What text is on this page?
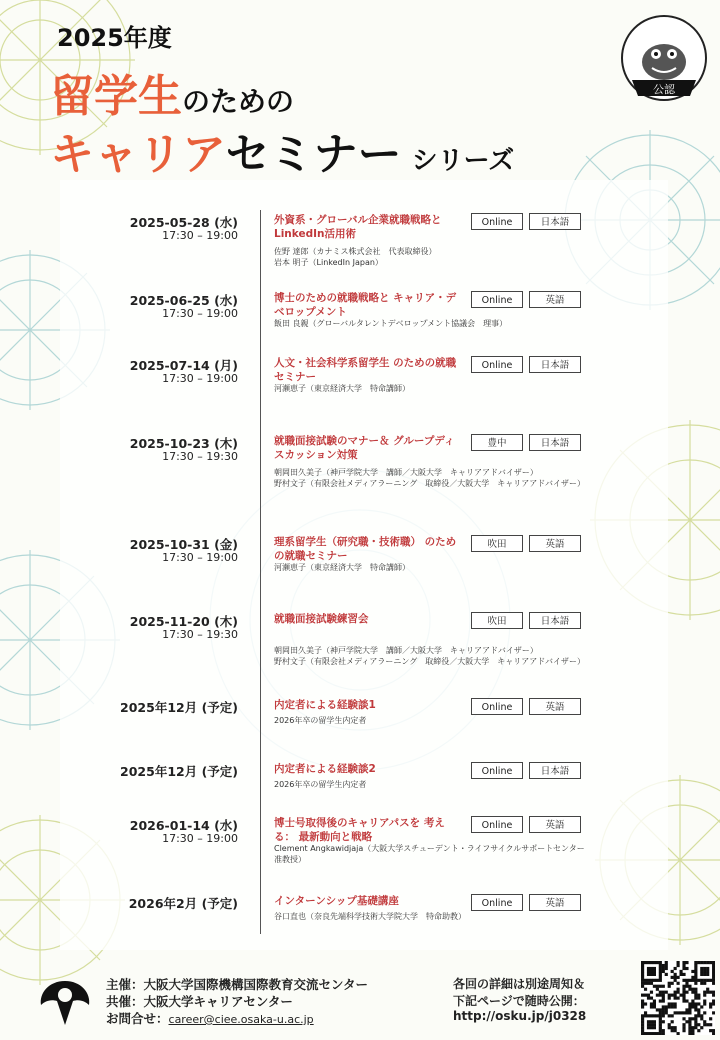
2025年度
留学生のための
キャリアセミナー シリーズ
公認
2025-05-28 (水)
17:30 – 19:00
外資系・グローバル企業就職戦略と LinkedIn活用術
佐野 達郎（カナミス株式会社　代表取締役）
岩本 明子（LinkedIn Japan）
Online	日本語
2025-06-25 (水)
17:30 – 19:00
博士のための就職戦略と キャリア・デベロップメント
飯田 良親（グローバルタレントデベロップメント協議会　理事）
Online	英語
2025-07-14 (月)
17:30 – 19:00
人文・社会科学系留学生 のための就職セミナー
河瀬恵子（東京経済大学　特命講師）
Online	日本語
2025-10-23 (木)
17:30 – 19:30
就職面接試験のマナー＆ グループディスカッション対策
朝岡田久美子（神戸学院大学　講師／大阪大学　キャリアアドバイザー）
野村文子（有限会社メディアラーニング　取締役／大阪大学　キャリアアドバイザー）
豊中	日本語
2025-10-31 (金)
17:30 – 19:00
理系留学生（研究職・技術職） のための就職セミナー
河瀬恵子（東京経済大学　特命講師）
吹田	英語
2025-11-20 (木)
17:30 – 19:30
就職面接試験練習会
朝岡田久美子（神戸学院大学　講師／大阪大学　キャリアアドバイザー）
野村文子（有限会社メディアラーニング　取締役／大阪大学　キャリアアドバイザー）
吹田	日本語
2025年12月 (予定)	内定者による経験談1
2026年卒の留学生内定者
Online	英語
2025年12月 (予定)	内定者による経験談2
2026年卒の留学生内定者
Online	日本語
2026-01-14 (水)
17:30 – 19:00
博士号取得後のキャリアパスを 考える： 最新動向と戦略
Clement Angkawidjaja（大阪大学スチューデント・ライフサイクルサポートセンター　准教授）
Online	英語
2026年2月 (予定)	インターンシップ基礎講座
谷口直也（奈良先端科学技術大学院大学　特命助教）
Online	英語
主催：大阪大学国際機構国際教育交流センター
共催：大阪大学キャリアセンター
お問合せ：career@ciee.osaka-u.ac.jp
各回の詳細は別途周知＆
下記ページで随時公開：
http://osku.jp/j0328
